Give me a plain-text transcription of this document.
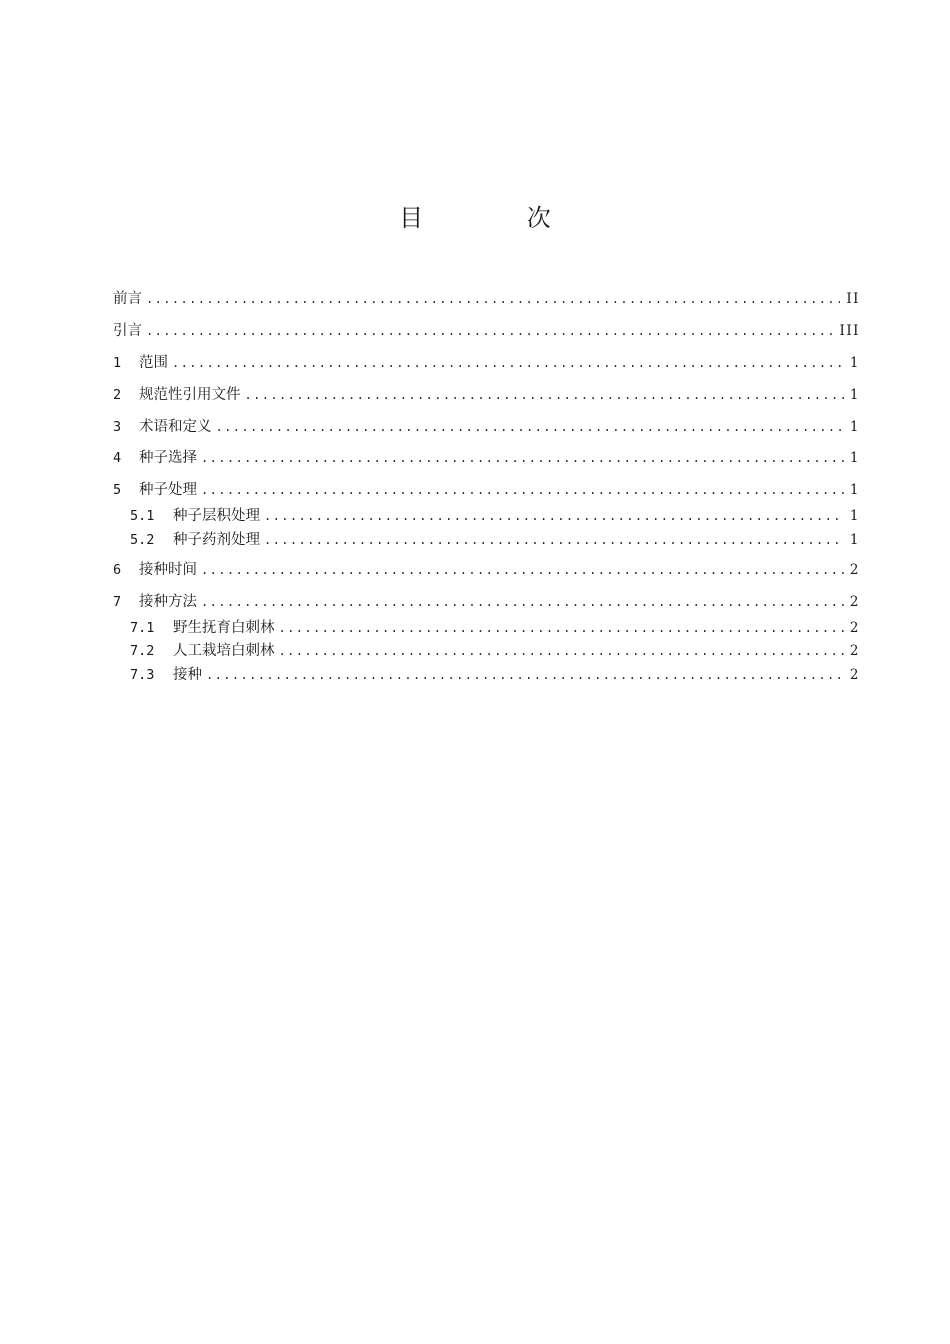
目 次
前言 .....	II
引言 .....	III
1	范围 .....	1
2	规范性引用文件 .....	1
3	术语和定义 .....	1
4	种子选择 .....	1
5	种子处理 .....	1
5.1	种子层积处理 .....	1
5.2	种子药剂处理 .....	1
6	接种时间 .....	2
7	接种方法 .....	2
7.1	野生抚育白刺林 .....	2
7.2	人工栽培白刺林 .....	2
7.3	接种 .....	2
